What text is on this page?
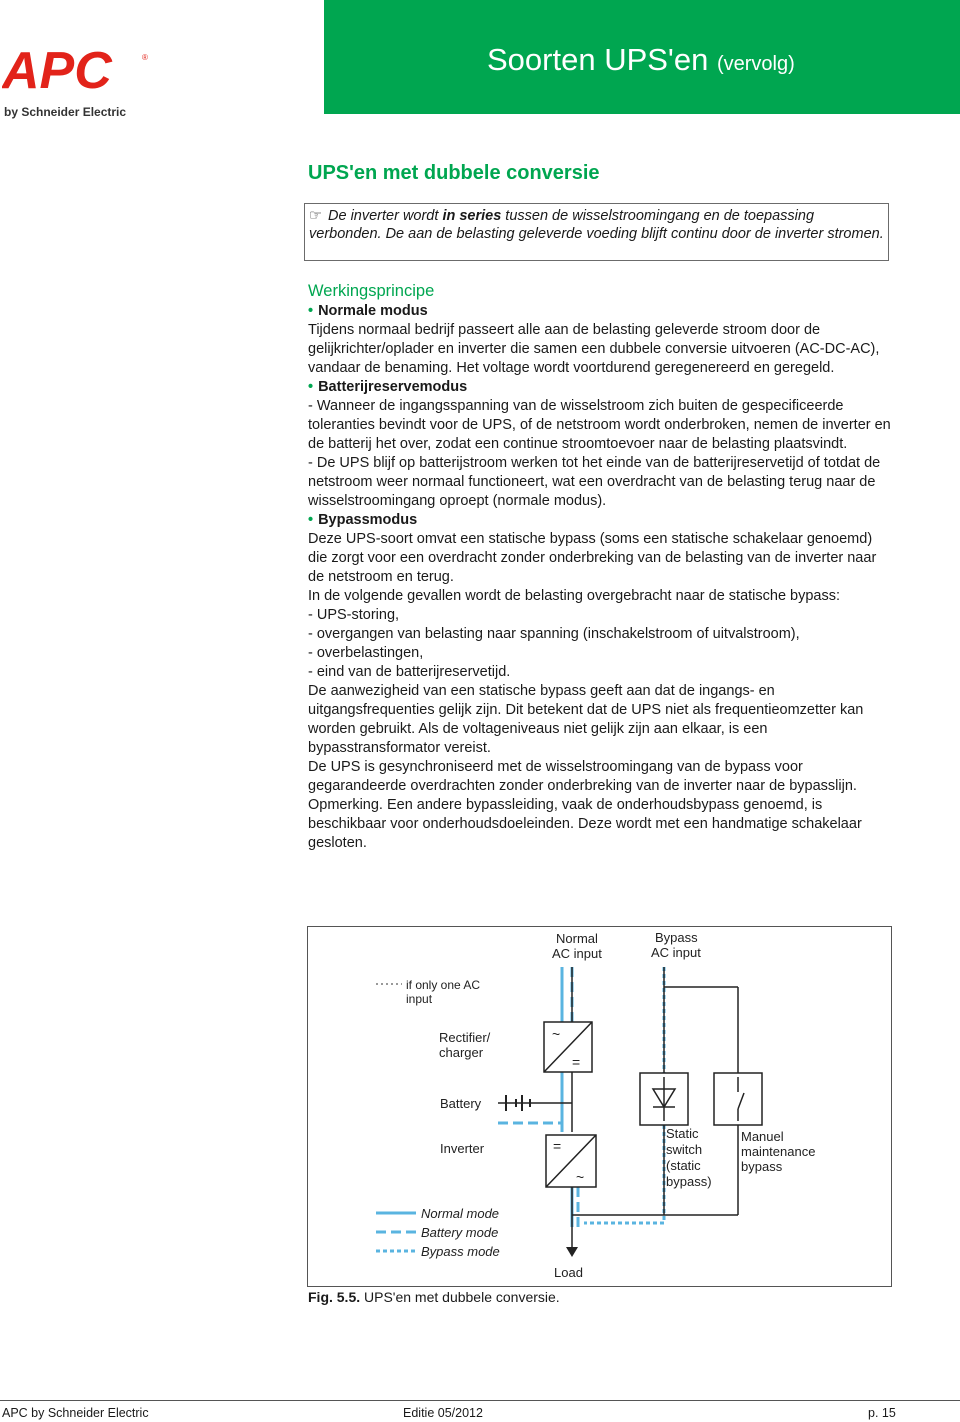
APC	®
by Schneider Electric
Soorten UPS'en (vervolg)
UPS'en met dubbele conversie
☞ De inverter wordt in series tussen de wisselstroomingang en de toepassing verbonden. De aan de belasting geleverde voeding blijft continu door de inverter stromen.

Werkingsprincipe

• Normale modus

Tijdens normaal bedrijf passeert alle aan de belasting geleverde stroom door de gelijkrichter/oplader en inverter die samen een dubbele conversie uitvoeren (AC-DC-AC), vandaar de benaming. Het voltage wordt voortdurend geregenereerd en geregeld.

• Batterijreservemodus

- Wanneer de ingangsspanning van de wisselstroom zich buiten de gespecificeerde toleranties bevindt voor de UPS, of de netstroom wordt onderbroken, nemen de inverter en de batterij het over, zodat een continue stroomtoevoer naar de belasting plaatsvindt.

- De UPS blijf op batterijstroom werken tot het einde van de batterijreservetijd of totdat de netstroom weer normaal functioneert, wat een overdracht van de belasting terug naar de wisselstroomingang oproept (normale modus).

• Bypassmodus

Deze UPS-soort omvat een statische bypass (soms een statische schakelaar genoemd) die zorgt voor een overdracht zonder onderbreking van de belasting van de inverter naar de netstroom en terug.

In de volgende gevallen wordt de belasting overgebracht naar de statische bypass:

- UPS-storing,

- overgangen van belasting naar spanning (inschakelstroom of uitvalstroom),

- overbelastingen,

- eind van de batterijreservetijd.

De aanwezigheid van een statische bypass geeft aan dat de ingangs- en uitgangsfrequenties gelijk zijn. Dit betekent dat de UPS niet als frequentieomzetter kan worden gebruikt. Als de voltageniveaus niet gelijk zijn aan elkaar, is een bypasstransformator vereist.

De UPS is gesynchroniseerd met de wisselstroomingang van de bypass voor gegarandeerde overdrachten zonder onderbreking van de inverter naar de bypasslijn.

Opmerking. Een andere bypassleiding, vaak de onderhoudsbypass genoemd, is beschikbaar voor onderhoudsdoeleinden. Deze wordt met een handmatige schakelaar gesloten.

Normal
AC input
Bypass
AC input
if only one AC
input
Rectifier/
charger
Battery
Inverter
Load
~
=
=
~
Static
switch
(static
bypass)
Manuel
maintenance
bypass
Normal mode
Battery mode
Bypass mode
Fig. 5.5. UPS'en met dubbele conversie.
APC by Schneider Electric	Editie 05/2012	p. 15
